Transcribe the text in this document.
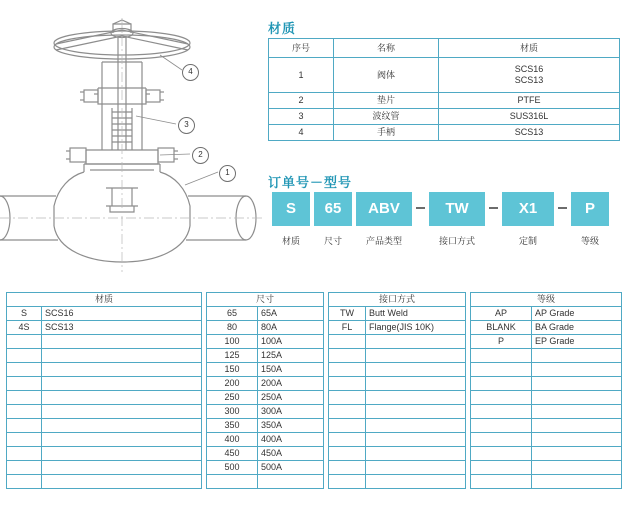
4
3
2
1
材质
序号	名称	材质
1	阀体	SCS16
SCS13

2	垫片	PTFE
3	波纹管	SUS316L
4	手柄	SCS13
订单号－型号
S	65	ABV	TW	X1	P
材质	尺寸	产品类型	接口方式	定制	等级
材质	
S	SCS16
4S	SCS13

尺寸	
65	65A
80	80A
100	100A
125	125A
150	150A
200	200A
250	250A
300	300A
350	350A
400	400A
450	450A
500	500A

接口方式	
TW	Butt Weld
FL	Flange(JIS 10K)

等级	
AP	AP Grade
BLANK	BA Grade
P	EP Grade
